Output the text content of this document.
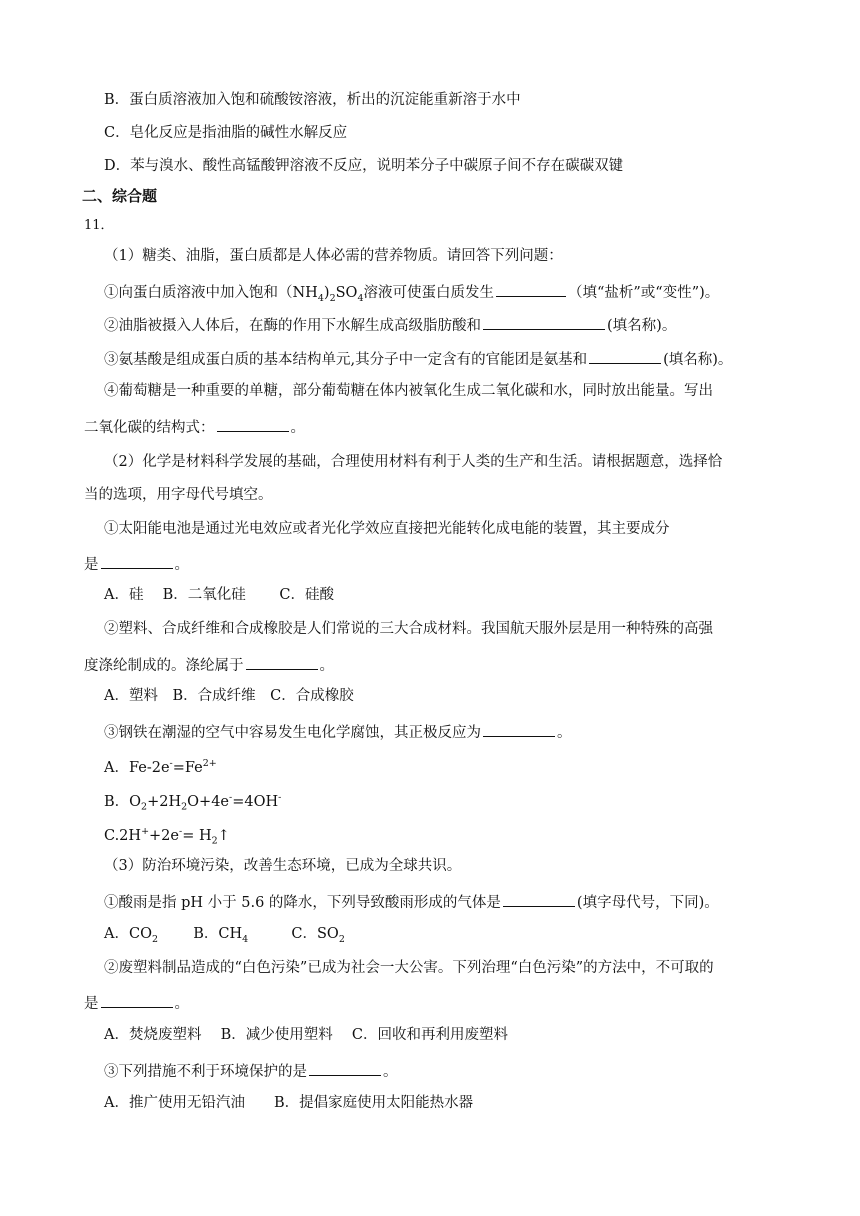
B．蛋白质溶液加入饱和硫酸铵溶液，析出的沉淀能重新溶于水中
C．皂化反应是指油脂的碱性水解反应
D．苯与溴水、酸性高锰酸钾溶液不反应，说明苯分子中碳原子间不存在碳碳双键
二、综合题
11．
（1）糖类、油脂，蛋白质都是人体必需的营养物质。请回答下列问题：
①向蛋白质溶液中加入饱和$(NH_4)_2SO_4$溶液可使蛋白质发生	（填“盐析”或“变性”)。
②油脂被摄入人体后，在酶的作用下水解生成高级脂肪酸和	(填名称)。
③氨基酸是组成蛋白质的基本结构单元,其分子中一定含有的官能团是氨基和	(填名称)。
④葡萄糖是一种重要的单糖，部分葡萄糖在体内被氧化生成二氧化碳和水，同时放出能量。写出
二氧化碳的结构式：	。
（2）化学是材料科学发展的基础，合理使用材料有利于人类的生产和生活。请根据题意，选择恰
当的选项，用字母代号填空。
①太阳能电池是通过光电效应或者光化学效应直接把光能转化成电能的装置，其主要成分
是	。
A．硅　 B．二氧化硅　　 C．硅酸
②塑料、合成纤维和合成橡胶是人们常说的三大合成材料。我国航天服外层是用一种特殊的高强
度涤纶制成的。涤纶属于	。
A．塑料　B．合成纤维　C．合成橡胶
③钢铁在潮湿的空气中容易发生电化学腐蚀，其正极反应为	。
A．$Fe-2e^-=Fe^{2+}$
B．$O_2+2H_2O+4e^-=4OH^-$
$C.2H^++2e^-= H_2↑$
（3）防治环境污染，改善生态环境，已成为全球共识。
①酸雨是指 pH 小于 5.6 的降水，下列导致酸雨形成的气体是	(填字母代号，下同)。
A．$CO_2$ B．$CH_4$	C．$SO_2$
②废塑料制品造成的“白色污染”已成为社会一大公害。下列治理“白色污染”的方法中，不可取的
是	。
A．焚烧废塑料　 B．减少使用塑料　 C．回收和再利用废塑料
③下列措施不利于环境保护的是	。
A．推广使用无铅汽油　　B．提倡家庭使用太阳能热水器
